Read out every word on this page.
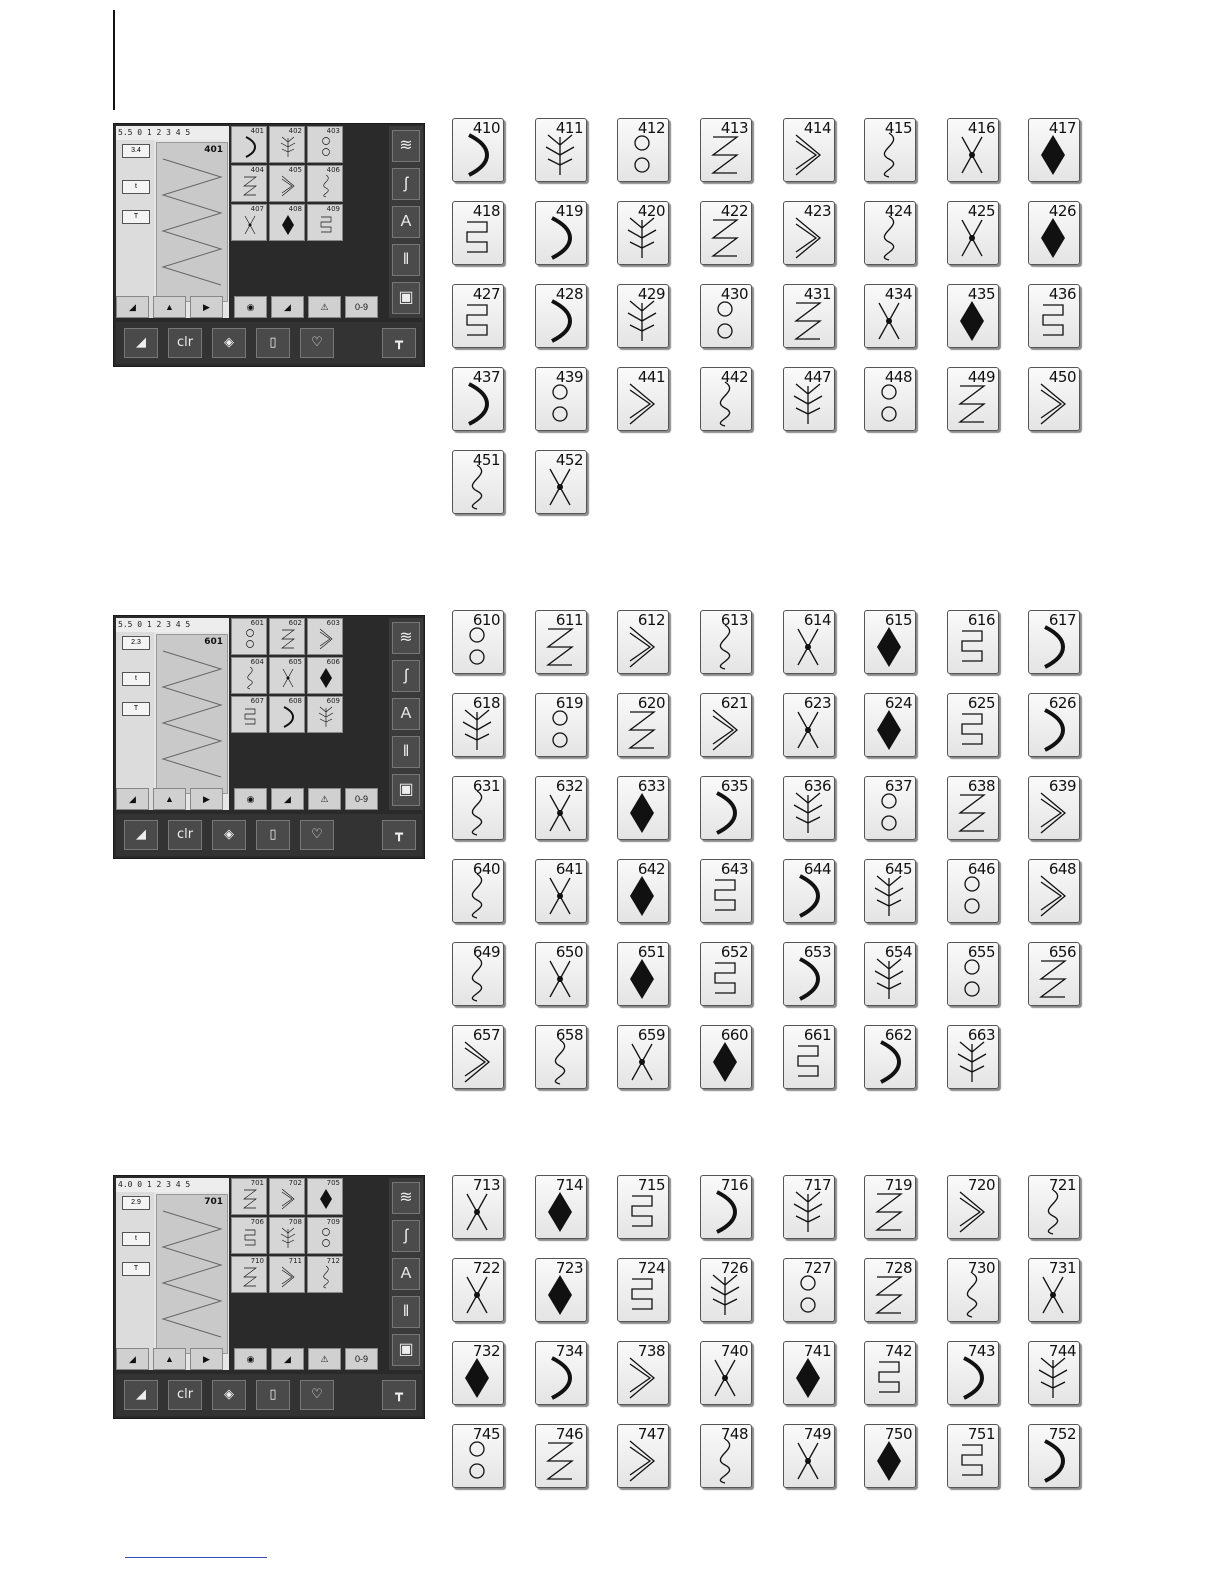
5.5 0 1 2 3 4 5
3.4
t
T
401
401	402	403
404	405	406
407	408	409
◢	▲	▶	◉	◢	⚠	0-9
≋
ʃ
A
‖
▣
◢	clr	◈	▯	♡	┳
5.5 0 1 2 3 4 5
2.3
t
T
601
601	602	603
604	605	606
607	608	609
◢	▲	▶	◉	◢	⚠	0-9
≋
ʃ
A
‖
▣
◢	clr	◈	▯	♡	┳
4.0 0 1 2 3 4 5
2.9
t
T
701
701	702	705
706	708	709
710	711	712
◢	▲	▶	◉	◢	⚠	0-9
≋
ʃ
A
‖
▣
◢	clr	◈	▯	♡	┳
410	411	412	413	414	415	416	417
418	419	420	422	423	424	425	426
427	428	429	430	431	434	435	436
437	439	441	442	447	448	449	450
451	452
610	611	612	613	614	615	616	617
618	619	620	621	623	624	625	626
631	632	633	635	636	637	638	639
640	641	642	643	644	645	646	648
649	650	651	652	653	654	655	656
657	658	659	660	661	662	663
713	714	715	716	717	719	720	721
722	723	724	726	727	728	730	731
732	734	738	740	741	742	743	744
745	746	747	748	749	750	751	752
